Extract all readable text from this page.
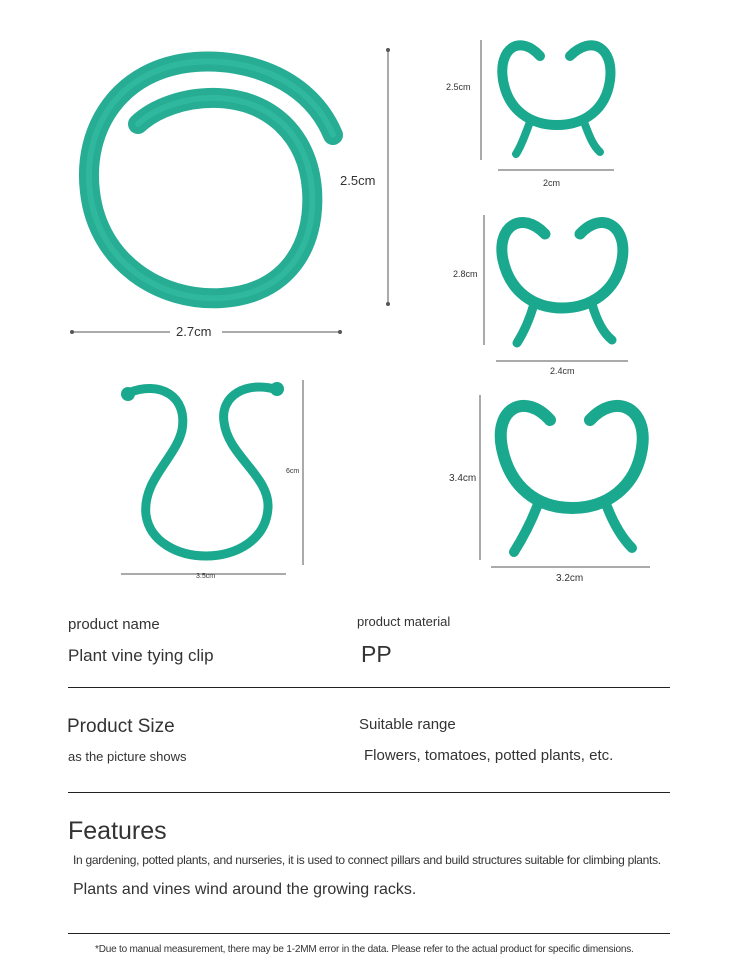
2.5cm
2.7cm
2.5cm
2cm
2.8cm
2.4cm
3.4cm
3.2cm
6cm
3.5cm
product name
Plant vine tying clip
product material
PP
Product Size
as the picture shows
Suitable range
Flowers, tomatoes, potted plants, etc.
Features
In gardening, potted plants, and nurseries, it is used to connect pillars and build structures suitable for climbing plants.
Plants and vines wind around the growing racks.
*Due to manual measurement, there may be 1-2MM error in the data. Please refer to the actual product for specific dimensions.
